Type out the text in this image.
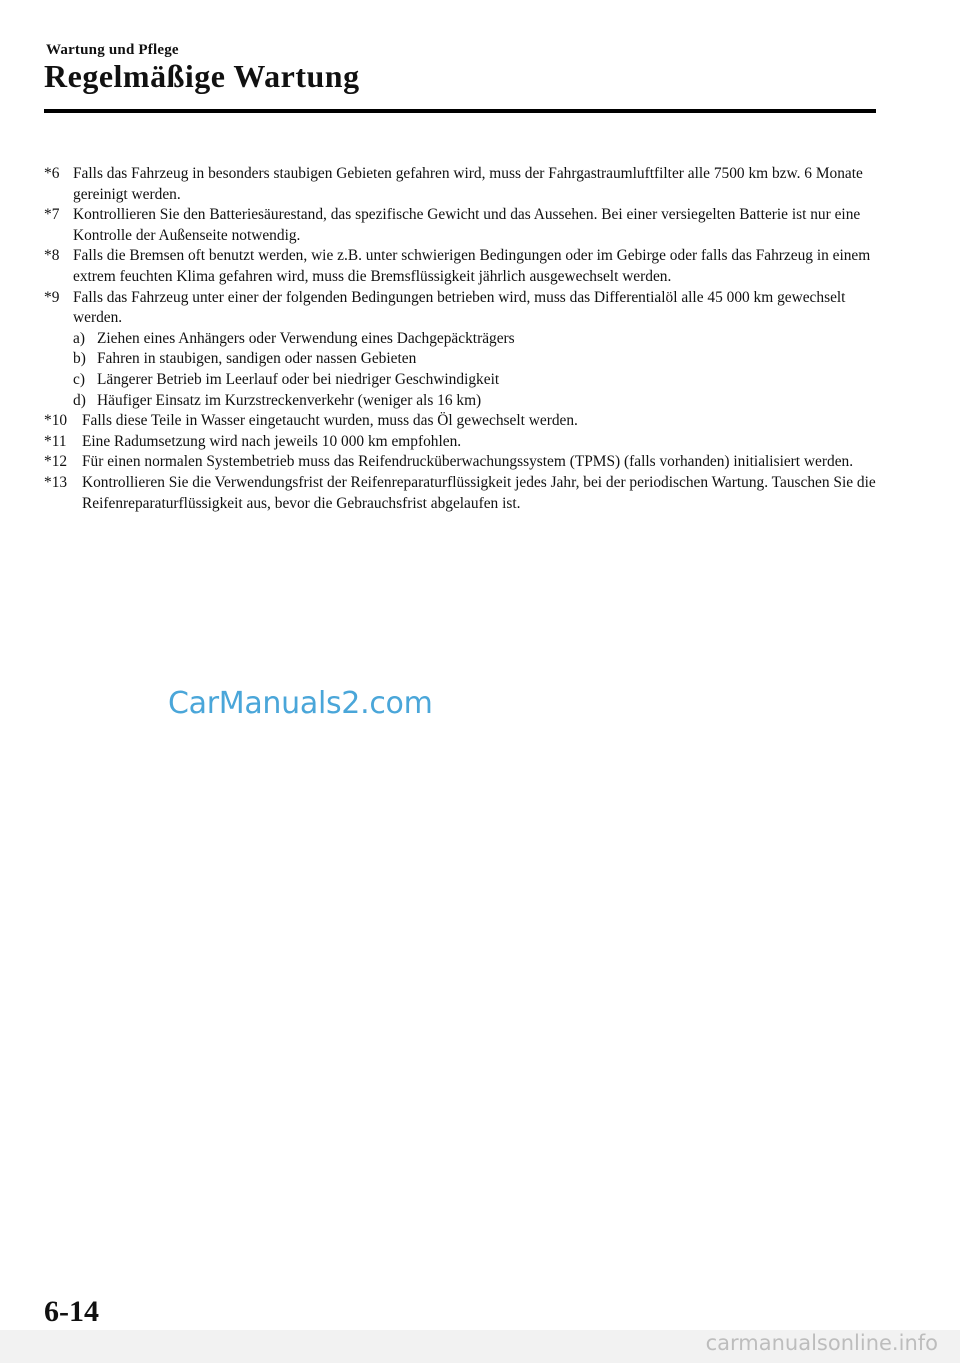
Wartung und Pflege
Regelmäßige Wartung
*6 Falls das Fahrzeug in besonders staubigen Gebieten gefahren wird, muss der Fahrgastraumluftfilter alle 7500 km bzw. 6 Monate gereinigt werden.
*7 Kontrollieren Sie den Batteriesäurestand, das spezifische Gewicht und das Aussehen. Bei einer versiegelten Batterie ist nur eine Kontrolle der Außenseite notwendig.
*8 Falls die Bremsen oft benutzt werden, wie z.B. unter schwierigen Bedingungen oder im Gebirge oder falls das Fahrzeug in einem extrem feuchten Klima gefahren wird, muss die Bremsflüssigkeit jährlich ausgewechselt werden.
*9 Falls das Fahrzeug unter einer der folgenden Bedingungen betrieben wird, muss das Differentialöl alle 45 000 km gewechselt werden.
a) Ziehen eines Anhängers oder Verwendung eines Dachgepäckträgers
b) Fahren in staubigen, sandigen oder nassen Gebieten
c) Längerer Betrieb im Leerlauf oder bei niedriger Geschwindigkeit
d) Häufiger Einsatz im Kurzstreckenverkehr (weniger als 16 km)
*10 Falls diese Teile in Wasser eingetaucht wurden, muss das Öl gewechselt werden.
*11 Eine Radumsetzung wird nach jeweils 10 000 km empfohlen.
*12 Für einen normalen Systembetrieb muss das Reifendrucküberwachungssystem (TPMS) (falls vorhanden) initialisiert werden.
*13 Kontrollieren Sie die Verwendungsfrist der Reifenreparaturflüssigkeit jedes Jahr, bei der periodischen Wartung. Tauschen Sie die Reifenreparaturflüssigkeit aus, bevor die Gebrauchsfrist abgelaufen ist.
CarManuals2.com
6-14
carmanualsonline.info
